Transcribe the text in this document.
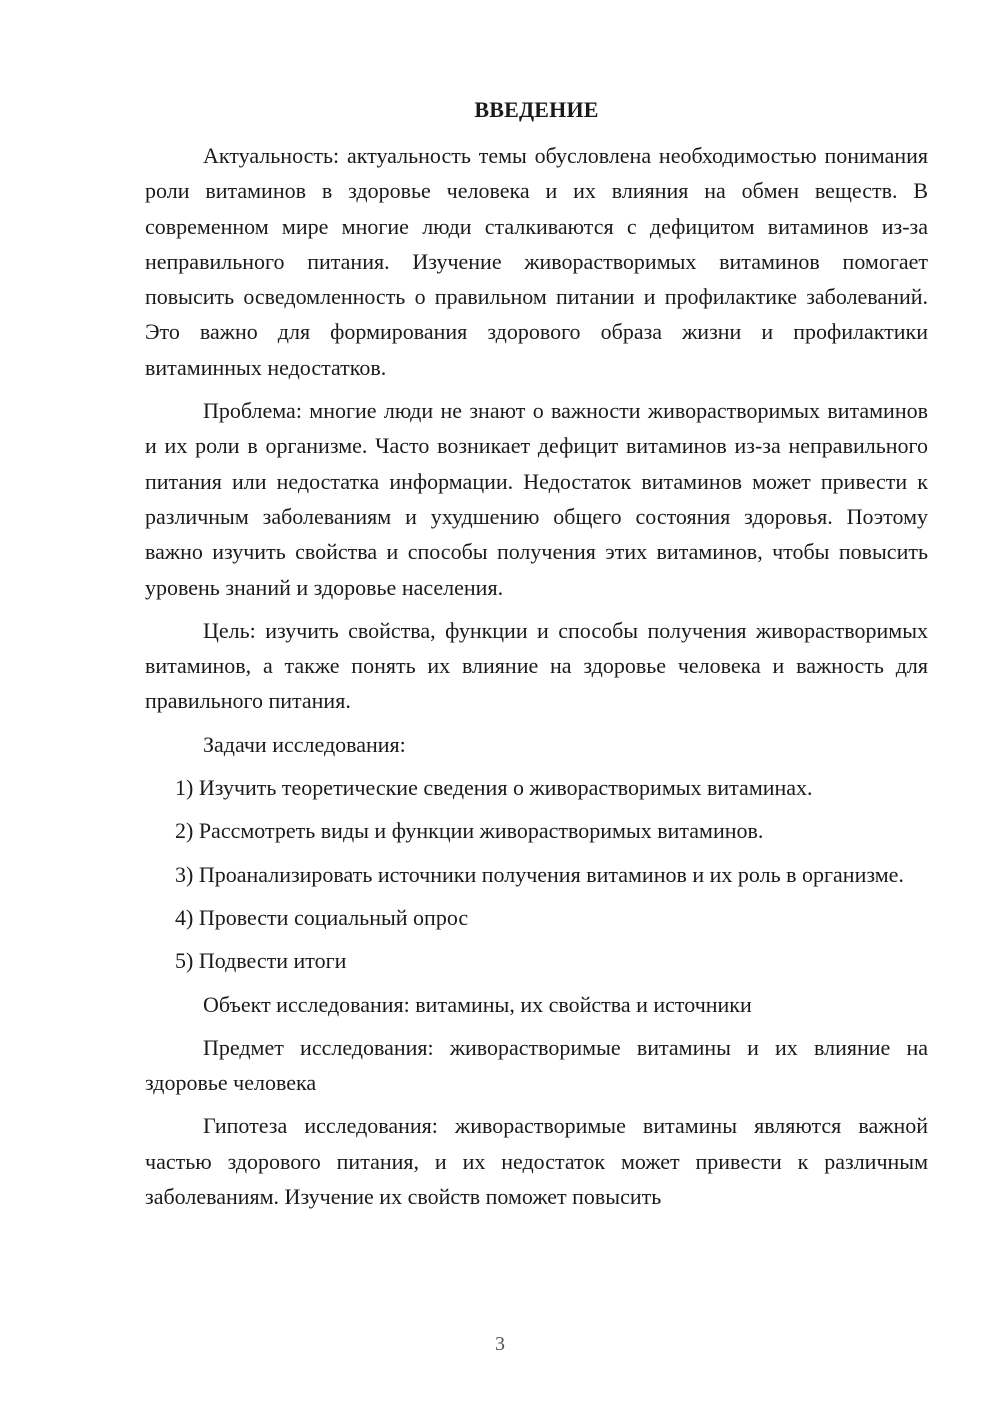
ВВЕДЕНИЕ

Актуальность: актуальность темы обусловлена необходимостью понимания роли витаминов в здоровье человека и их влияния на обмен веществ. В современном мире многие люди сталкиваются с дефицитом витаминов из-за неправильного питания. Изучение живорастворимых витаминов помогает повысить осведомленность о правильном питании и профилактике заболеваний. Это важно для формирования здорового образа жизни и профилактики витаминных недостатков.

Проблема: многие люди не знают о важности живорастворимых витаминов и их роли в организме. Часто возникает дефицит витаминов из-за неправильного питания или недостатка информации. Недостаток витаминов может привести к различным заболеваниям и ухудшению общего состояния здоровья. Поэтому важно изучить свойства и способы получения этих витаминов, чтобы повысить уровень знаний и здоровье населения.

Цель: изучить свойства, функции и способы получения живорастворимых витаминов, а также понять их влияние на здоровье человека и важность для правильного питания.

Задачи исследования:

1) Изучить теоретические сведения о живорастворимых витаминах.

2) Рассмотреть виды и функции живорастворимых витаминов.

3) Проанализировать источники получения витаминов и их роль в организме.

4) Провести социальный опрос

5) Подвести итоги

Объект исследования: витамины, их свойства и источники

Предмет исследования: живорастворимые витамины и их влияние на здоровье человека

Гипотеза исследования: живорастворимые витамины являются важной частью здорового питания, и их недостаток может привести к различным заболеваниям. Изучение их свойств поможет повысить

3
